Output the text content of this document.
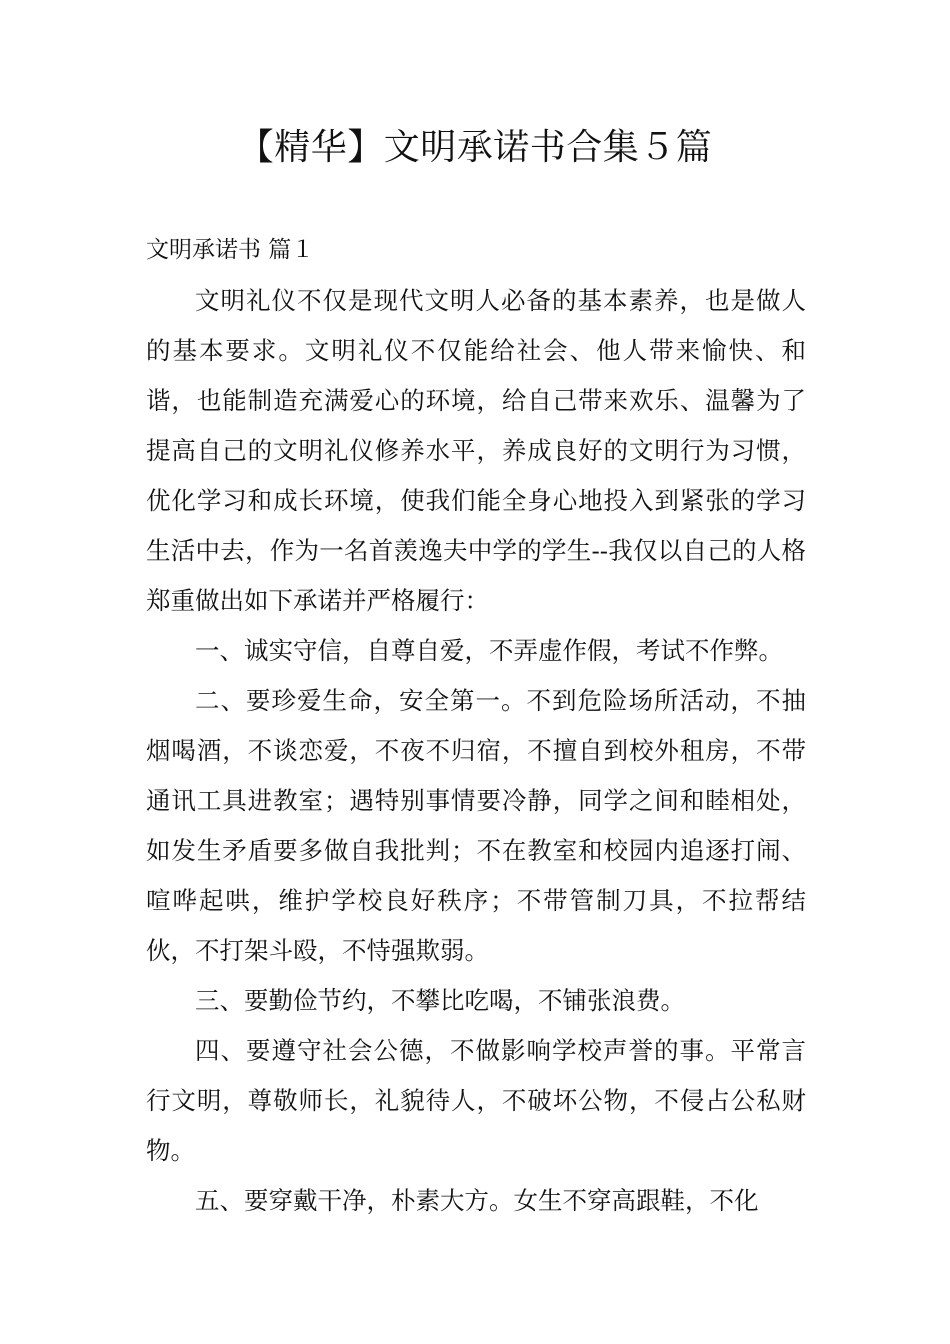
【精华】文明承诺书合集５篇
文明承诺书 篇１

文明礼仪不仅是现代文明人必备的基本素养，也是做人的基本要求。文明礼仪不仅能给社会、他人带来愉快、和谐，也能制造充满爱心的环境，给自己带来欢乐、温馨为了提高自己的文明礼仪修养水平，养成良好的文明行为习惯，优化学习和成长环境，使我们能全身心地投入到紧张的学习生活中去，作为一名首羡逸夫中学的学生--我仅以自己的人格郑重做出如下承诺并严格履行：

一、诚实守信，自尊自爱，不弄虚作假，考试不作弊。

二、要珍爱生命，安全第一。不到危险场所活动，不抽烟喝酒，不谈恋爱，不夜不归宿，不擅自到校外租房，不带通讯工具进教室；遇特别事情要冷静，同学之间和睦相处，如发生矛盾要多做自我批判；不在教室和校园内追逐打闹、喧哗起哄，维护学校良好秩序；不带管制刀具，不拉帮结伙，不打架斗殴，不恃强欺弱。

三、要勤俭节约，不攀比吃喝，不铺张浪费。

四、要遵守社会公德，不做影响学校声誉的事。平常言行文明，尊敬师长，礼貌待人，不破坏公物，不侵占公私财物。

五、要穿戴干净，朴素大方。女生不穿高跟鞋，不化
